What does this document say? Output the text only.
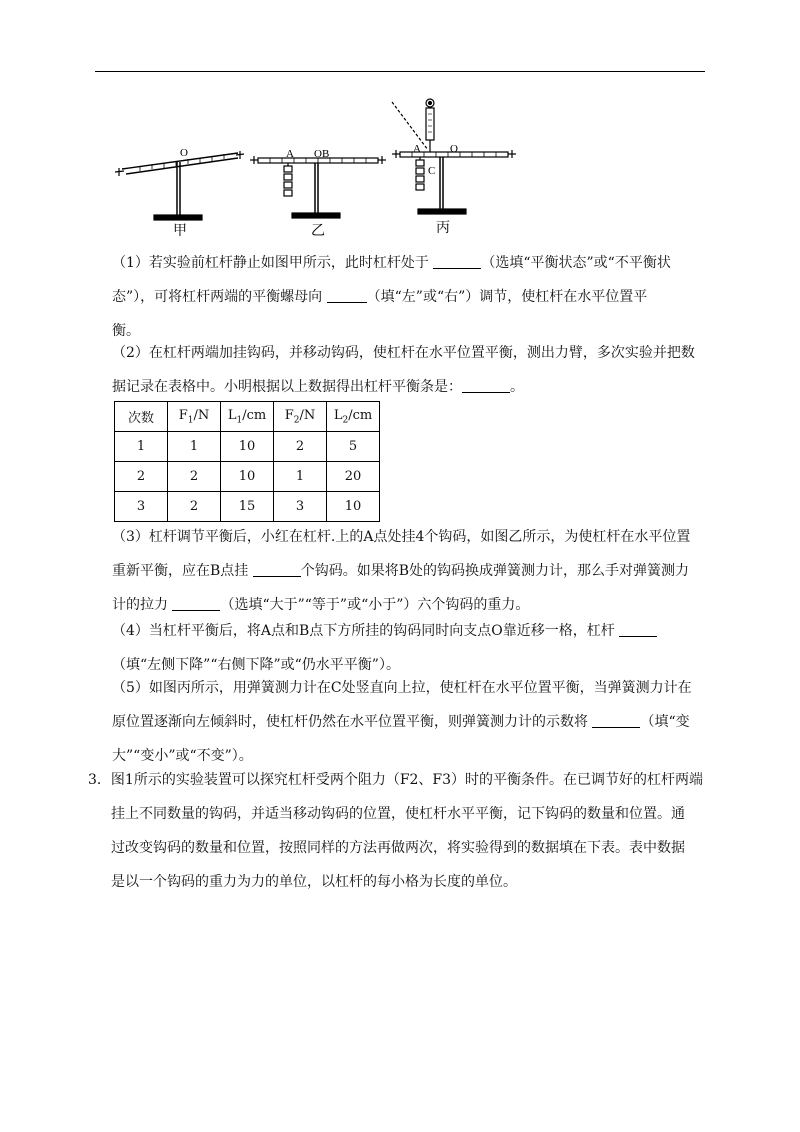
O	A OB	A	O
C
甲	乙	丙
（1）若实验前杠杆静止如图甲所示，此时杠杆处于	（选填“平衡状态”或“不平衡状
态”），可将杠杆两端的平衡螺母向	（填“左”或“右”）调节，使杠杆在水平位置平
衡。
（2）在杠杆两端加挂钩码，并移动钩码，使杠杆在水平位置平衡，测出力臂，多次实验并把数
据记录在表格中。小明根据以上数据得出杠杆平衡条是：	。
次数	$F_1/N$	$L_1/cm$	$F_2/N$	$L_2/cm$
1	1	10	2	5
2	2	10	1	20
3	2	15	3	10
（3）杠杆调节平衡后，小红在杠杆.上的A点处挂4个钩码，如图乙所示，为使杠杆在水平位置
重新平衡，应在B点挂	个钩码。如果将B处的钩码换成弹簧测力计，那么手对弹簧测力
计的拉力	（选填“大于”“等于”或“小于”）六个钩码的重力。
（4）当杠杆平衡后，将A点和B点下方所挂的钩码同时向支点O靠近移一格，杠杆
（填“左侧下降”“右侧下降”或“仍水平平衡”）。
（5）如图丙所示，用弹簧测力计在C处竖直向上拉，使杠杆在水平位置平衡，当弹簧测力计在
原位置逐渐向左倾斜时，使杠杆仍然在水平位置平衡，则弹簧测力计的示数将	（填“变
大”“变小”或“不变”）。
3．图1所示的实验装置可以探究杠杆受两个阻力（F2、F3）时的平衡条件。在已调节好的杠杆两端
挂上不同数量的钩码，并适当移动钩码的位置，使杠杆水平平衡，记下钩码的数量和位置。通
过改变钩码的数量和位置，按照同样的方法再做两次，将实验得到的数据填在下表。表中数据
是以一个钩码的重力为力的单位，以杠杆的每小格为长度的单位。
